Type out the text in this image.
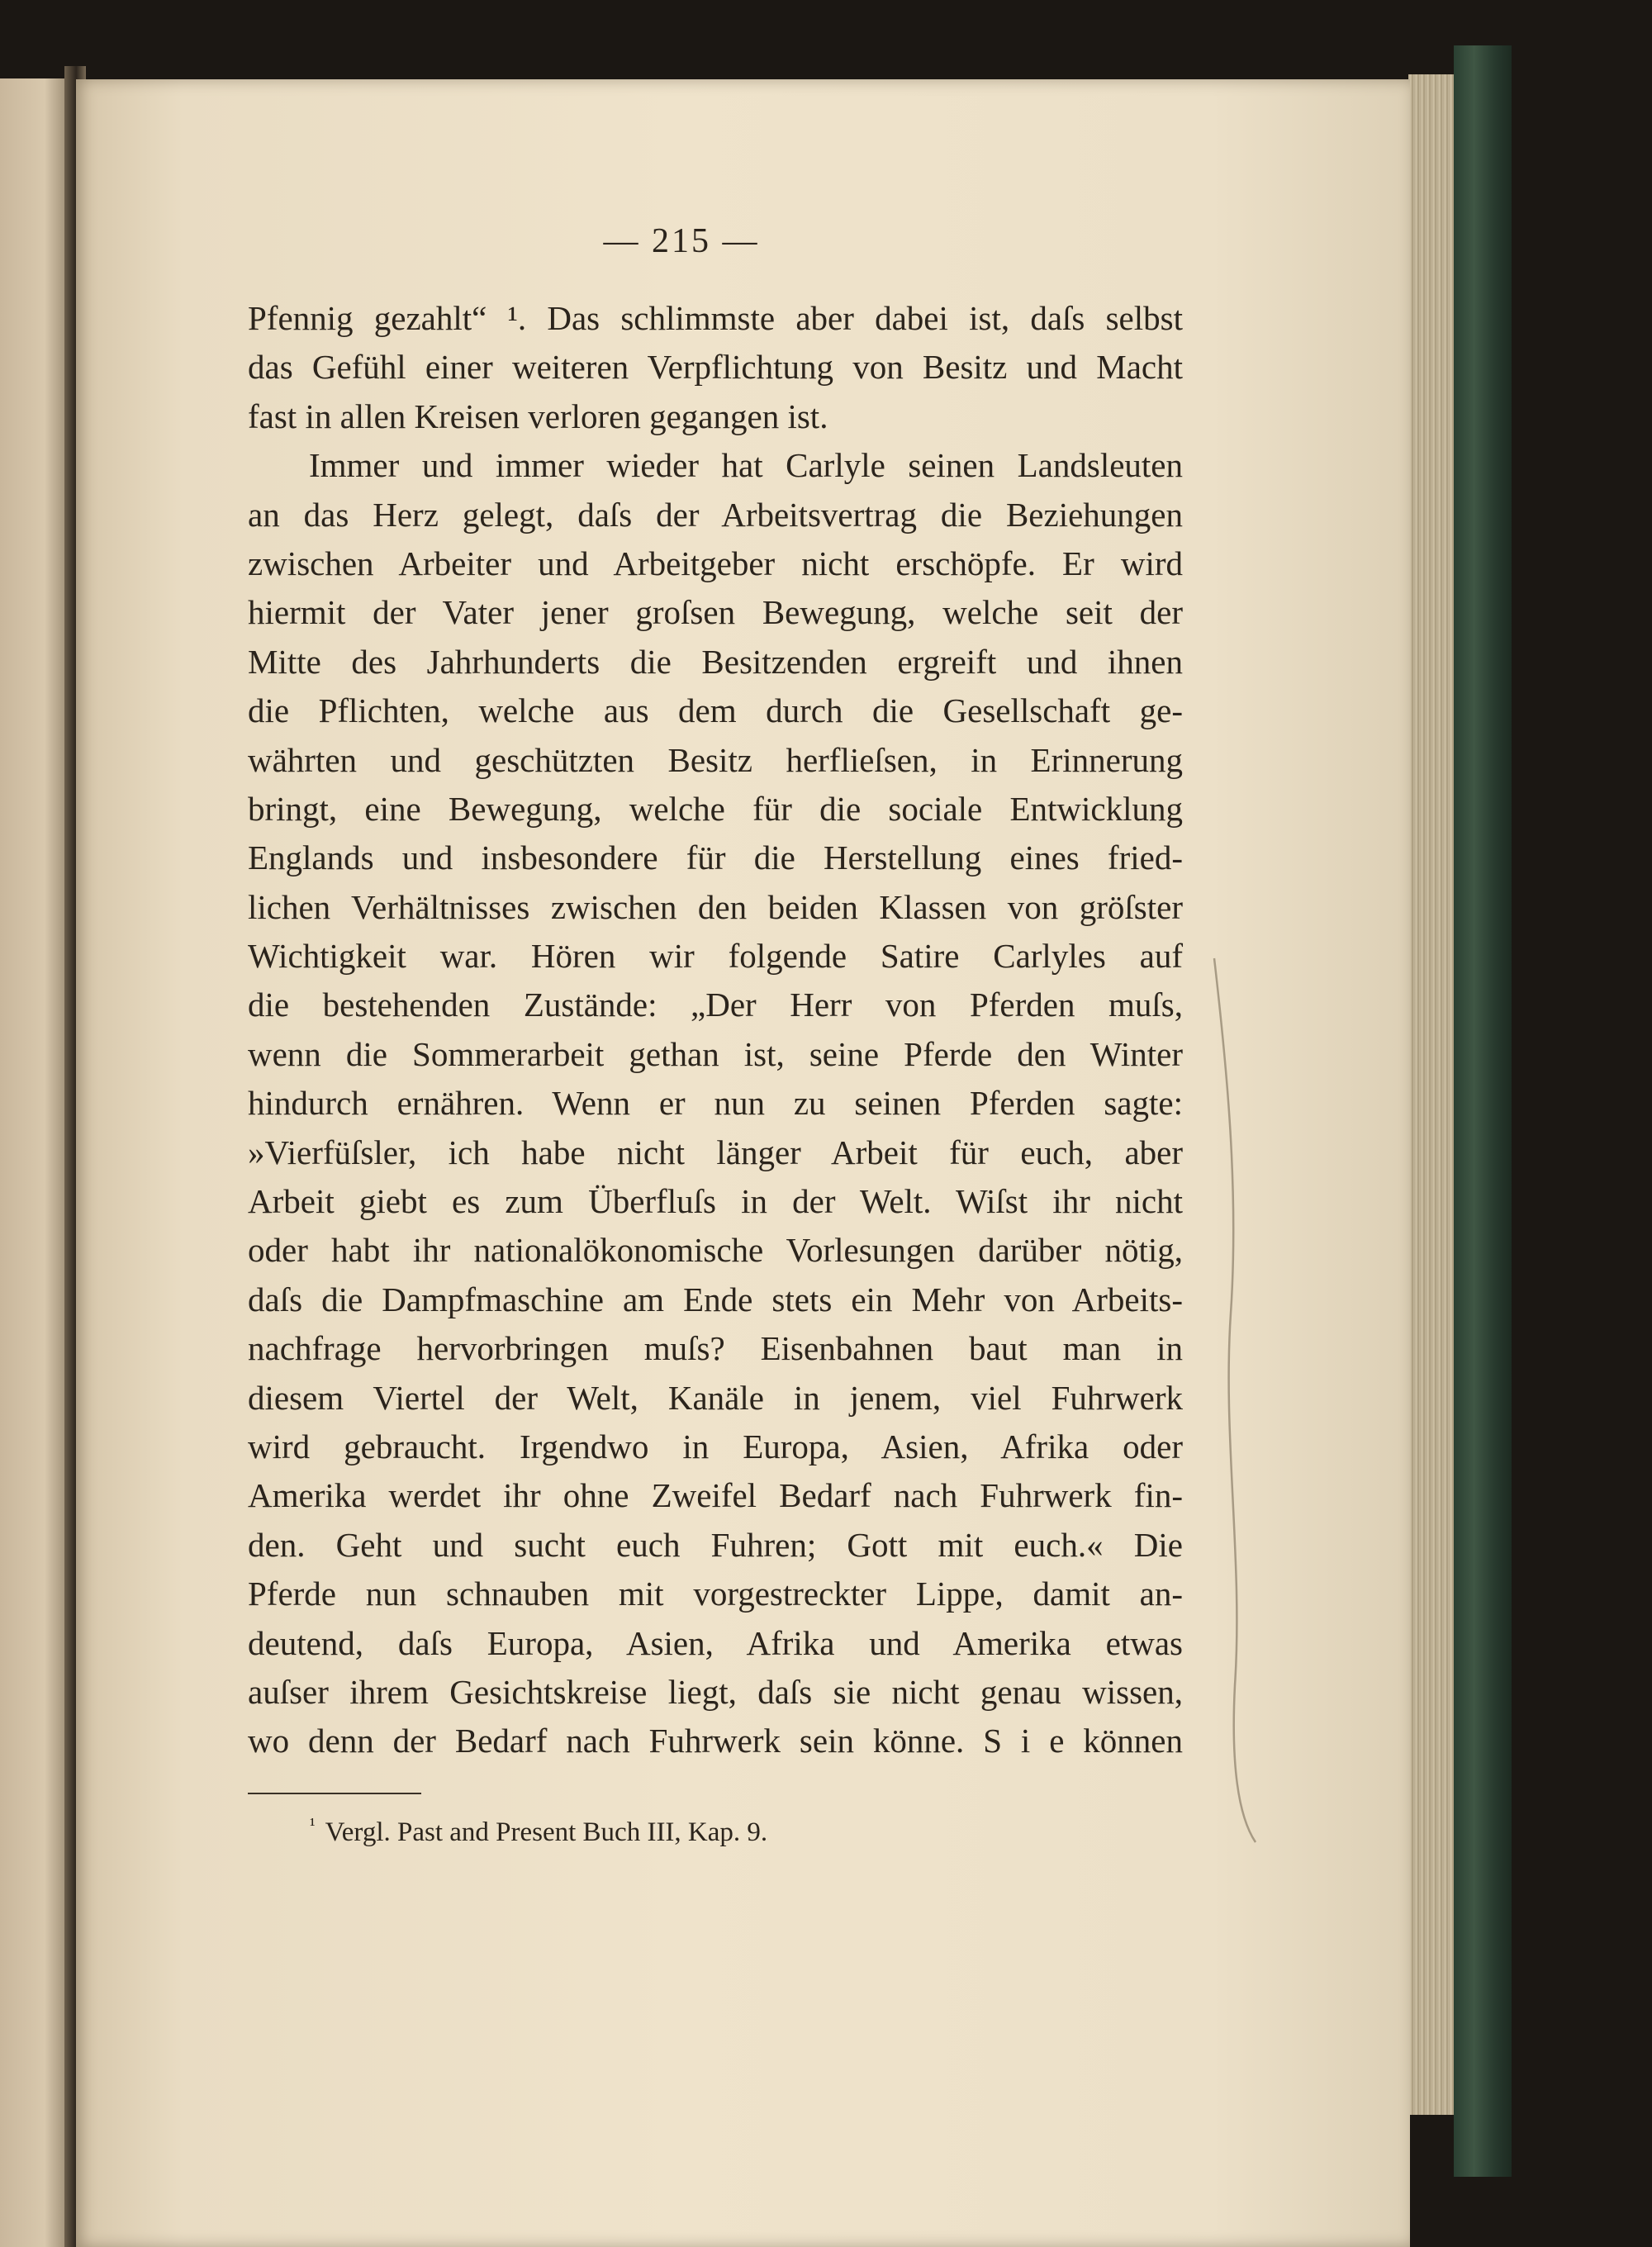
— 215 —
Pfennig gezahlt“ ¹. Das schlimmste aber dabei ist, daſs selbst
das Gefühl einer weiteren Verpflichtung von Besitz und Macht
fast in allen Kreisen verloren gegangen ist.
Immer und immer wieder hat Carlyle seinen Landsleuten
an das Herz gelegt, daſs der Arbeitsvertrag die Beziehungen
zwischen Arbeiter und Arbeitgeber nicht erschöpfe. Er wird
hiermit der Vater jener groſsen Bewegung, welche seit der
Mitte des Jahrhunderts die Besitzenden ergreift und ihnen
die Pflichten, welche aus dem durch die Gesellschaft ge-
währten und geschützten Besitz herflieſsen, in Erinnerung
bringt, eine Bewegung, welche für die sociale Entwicklung
Englands und insbesondere für die Herstellung eines fried-
lichen Verhältnisses zwischen den beiden Klassen von gröſster
Wichtigkeit war. Hören wir folgende Satire Carlyles auf
die bestehenden Zustände: „Der Herr von Pferden muſs,
wenn die Sommerarbeit gethan ist, seine Pferde den Winter
hindurch ernähren. Wenn er nun zu seinen Pferden sagte:
»Vierfüſsler, ich habe nicht länger Arbeit für euch, aber
Arbeit giebt es zum Überfluſs in der Welt. Wiſst ihr nicht
oder habt ihr nationalökonomische Vorlesungen darüber nötig,
daſs die Dampfmaschine am Ende stets ein Mehr von Arbeits-
nachfrage hervorbringen muſs? Eisenbahnen baut man in
diesem Viertel der Welt, Kanäle in jenem, viel Fuhrwerk
wird gebraucht. Irgendwo in Europa, Asien, Afrika oder
Amerika werdet ihr ohne Zweifel Bedarf nach Fuhrwerk fin-
den. Geht und sucht euch Fuhren; Gott mit euch.« Die
Pferde nun schnauben mit vorgestreckter Lippe, damit an-
deutend, daſs Europa, Asien, Afrika und Amerika etwas
auſser ihrem Gesichtskreise liegt, daſs sie nicht genau wissen,
wo denn der Bedarf nach Fuhrwerk sein könne. S i e können
$^{^1}$ Vergl. Past and Present Buch III, Kap. 9.
